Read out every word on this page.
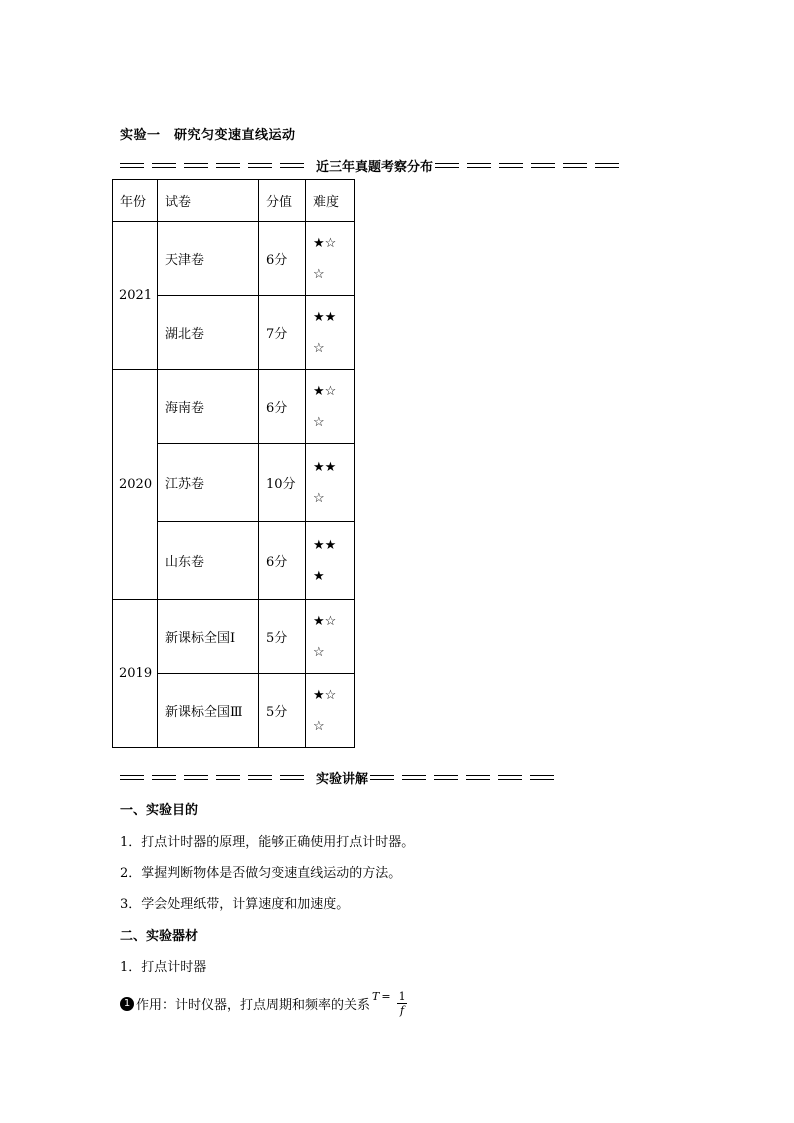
实验一　研究匀变速直线运动
近三年真题考察分布
年份	试卷	分值	难度
2021	天津卷	6分	★☆
☆
	湖北卷	7分	★★
☆
2020	海南卷	6分	★☆
☆
	江苏卷	10分	★★
☆
	山东卷	6分	★★
★
2019	新课标全国Ⅰ	5分	★☆
☆
	新课标全国Ⅲ	5分	★☆
☆
实验讲解
一、实验目的
1．打点计时器的原理，能够正确使用打点计时器。
2．掌握判断物体是否做匀变速直线运动的方法。
3．学会处理纸带，计算速度和加速度。
二、实验器材
1．打点计时器
1 作用：计时仪器，打点周期和频率的关系
$T = \frac{1}{f}$
